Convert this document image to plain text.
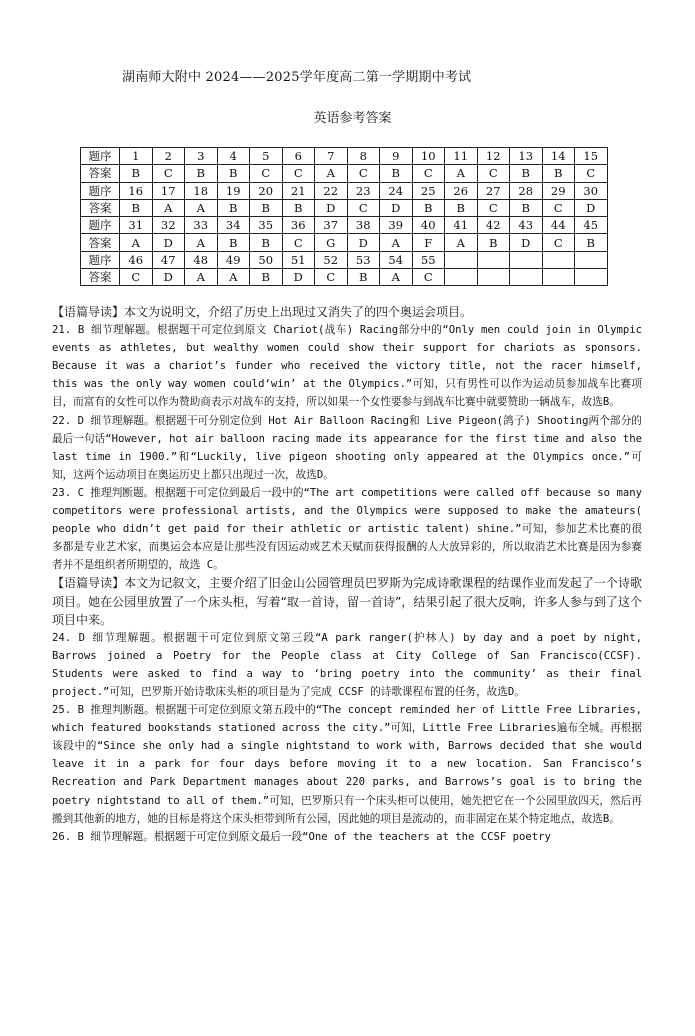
湖南师大附中 2024——2025学年度高二第一学期期中考试
英语参考答案
题序	1	2	3	4	5	6	7	8	9	10	11	12	13	14	15
答案	B	C	B	B	C	C	A	C	B	C	A	C	B	B	C
题序	16	17	18	19	20	21	22	23	24	25	26	27	28	29	30
答案	B	A	A	B	B	B	D	C	D	B	B	C	B	C	D
题序	31	32	33	34	35	36	37	38	39	40	41	42	43	44	45
答案	A	D	A	B	B	C	G	D	A	F	A	B	D	C	B
题序	46	47	48	49	50	51	52	53	54	55					
答案	C	D	A	A	B	D	C	B	A	C					

【语篇导读】本文为说明文，介绍了历史上出现过又消失了的四个奥运会项目。

21. B 细节理解题。根据题干可定位到原文 Chariot(战车) Racing部分中的“Only men could join in Olympic events as athletes, but wealthy women could show their support for chariots as sponsors. Because it was a chariot’s funder who received the victory title, not the racer himself, this was the only way women could‘win’ at the Olympics.”可知，只有男性可以作为运动员参加战车比赛项目，而富有的女性可以作为赞助商表示对战车的支持，所以如果一个女性要参与到战车比赛中就要赞助一辆战车，故选B。

22. D 细节理解题。根据题干可分别定位到 Hot Air Balloon Racing和 Live Pigeon(鸽子) Shooting两个部分的最后一句话“However, hot air balloon racing made its appearance for the first time and also the last time in 1900.”和“Luckily, live pigeon shooting only appeared at the Olympics once.”可知，这两个运动项目在奥运历史上都只出现过一次，故选D。

23. C 推理判断题。根据题干可定位到最后一段中的“The art competitions were called off because so many competitors were professional artists, and the Olympics were supposed to make the amateurs( people who didn’t get paid for their athletic or artistic talent) shine.”可知，参加艺术比赛的很多都是专业艺术家，而奥运会本应是让那些没有因运动或艺术天赋而获得报酬的人大放异彩的，所以取消艺术比赛是因为参赛者并不是组织者所期望的，故选 C。

【语篇导读】本文为记叙文，主要介绍了旧金山公园管理员巴罗斯为完成诗歌课程的结课作业而发起了一个诗歌项目。她在公园里放置了一个床头柜，写着“取一首诗，留一首诗”，结果引起了很大反响，许多人参与到了这个项目中来。

24. D 细节理解题。根据题干可定位到原文第三段“A park ranger(护林人) by day and a poet by night, Barrows joined a Poetry for the People class at City College of San Francisco(CCSF). Students were asked to find a way to ‘bring poetry into the community’ as their final project.”可知，巴罗斯开始诗歌床头柜的项目是为了完成 CCSF 的诗歌课程布置的任务，故选D。

25. B 推理判断题。根据题干可定位到原文第五段中的“The concept reminded her of Little Free Libraries, which featured bookstands stationed across the city.”可知，Little Free Libraries遍布全城。再根据该段中的“Since she only had a single nightstand to work with, Barrows decided that she would leave it in a park for four days before moving it to a new location. San Francisco’s Recreation and Park Department manages about 220 parks, and Barrows’s goal is to bring the poetry nightstand to all of them.”可知，巴罗斯只有一个床头柜可以使用，她先把它在一个公园里放四天，然后再搬到其他新的地方，她的目标是将这个床头柜带到所有公园，因此她的项目是流动的，而非固定在某个特定地点，故选B。

26. B 细节理解题。根据题干可定位到原文最后一段“One of the teachers at the CCSF poetry
